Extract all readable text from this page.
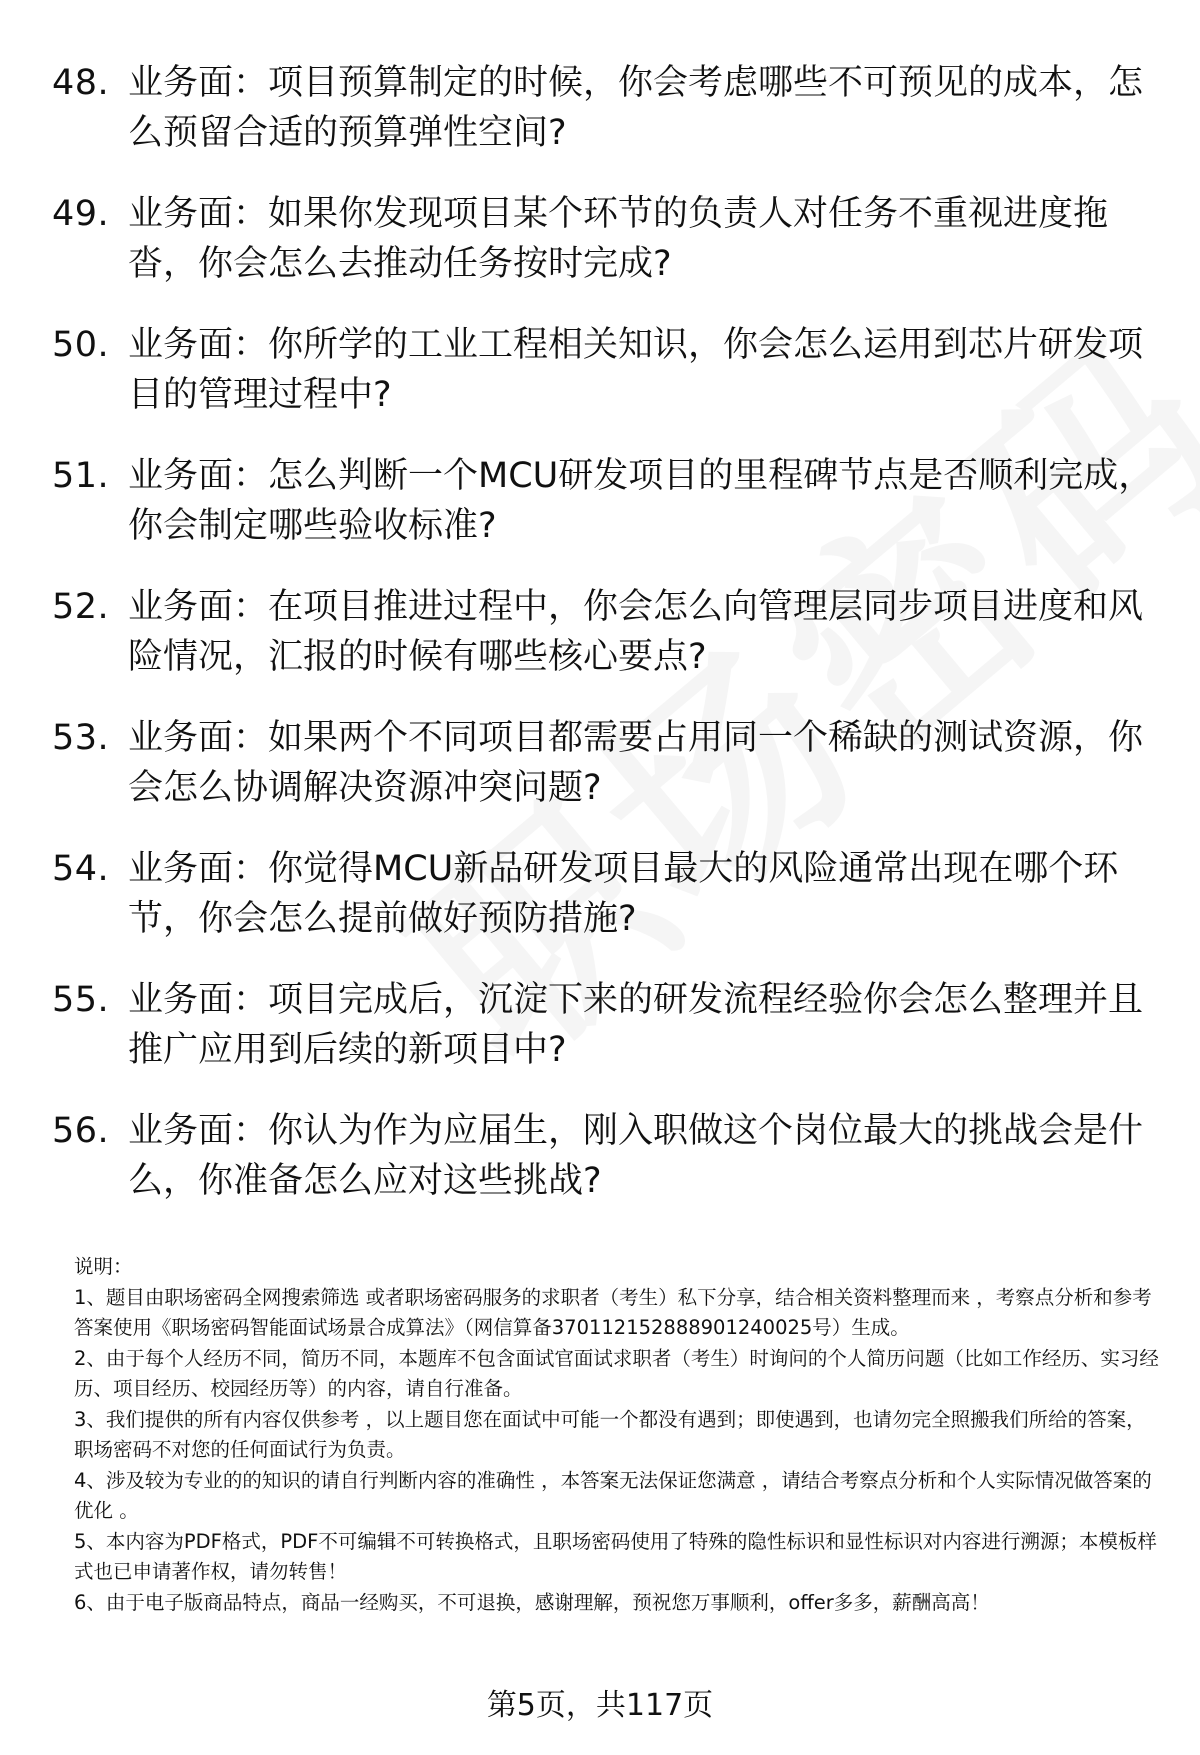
48. 业务面：项目预算制定的时候，你会考虑哪些不可预见的成本，怎么预留合适的预算弹性空间?
49. 业务面：如果你发现项目某个环节的负责人对任务不重视进度拖沓，你会怎么去推动任务按时完成?
50. 业务面：你所学的工业工程相关知识，你会怎么运用到芯片研发项目的管理过程中?
51. 业务面：怎么判断一个MCU研发项目的里程碑节点是否顺利完成，你会制定哪些验收标准?
52. 业务面：在项目推进过程中，你会怎么向管理层同步项目进度和风险情况，汇报的时候有哪些核心要点?
53. 业务面：如果两个不同项目都需要占用同一个稀缺的测试资源，你会怎么协调解决资源冲突问题?
54. 业务面：你觉得MCU新品研发项目最大的风险通常出现在哪个环节，你会怎么提前做好预防措施?
55. 业务面：项目完成后，沉淀下来的研发流程经验你会怎么整理并且推广应用到后续的新项目中?
56. 业务面：你认为作为应届生，刚入职做这个岗位最大的挑战会是什么，你准备怎么应对这些挑战?
说明：
1、题目由职场密码全网搜索筛选 或者职场密码服务的求职者（考生）私下分享，结合相关资料整理而来 ，考察点分析和参考答案使用《职场密码智能面试场景合成算法》（网信算备370112152888901240025号）生成。
2、由于每个人经历不同，简历不同，本题库不包含面试官面试求职者（考生）时询问的个人简历问题（比如工作经历、实习经历、项目经历、校园经历等）的内容，请自行准备。
3、我们提供的所有内容仅供参考 ，以上题目您在面试中可能一个都没有遇到；即使遇到，也请勿完全照搬我们所给的答案，职场密码不对您的任何面试行为负责。
4、涉及较为专业的的知识的请自行判断内容的准确性 ，本答案无法保证您满意 ，请结合考察点分析和个人实际情况做答案的优化 。
5、本内容为PDF格式，PDF不可编辑不可转换格式，且职场密码使用了特殊的隐性标识和显性标识对内容进行溯源；本模板样式也已申请著作权，请勿转售！
6、由于电子版商品特点，商品一经购买，不可退换，感谢理解，预祝您万事顺利，offer多多，薪酬高高！
第5页，共117页
